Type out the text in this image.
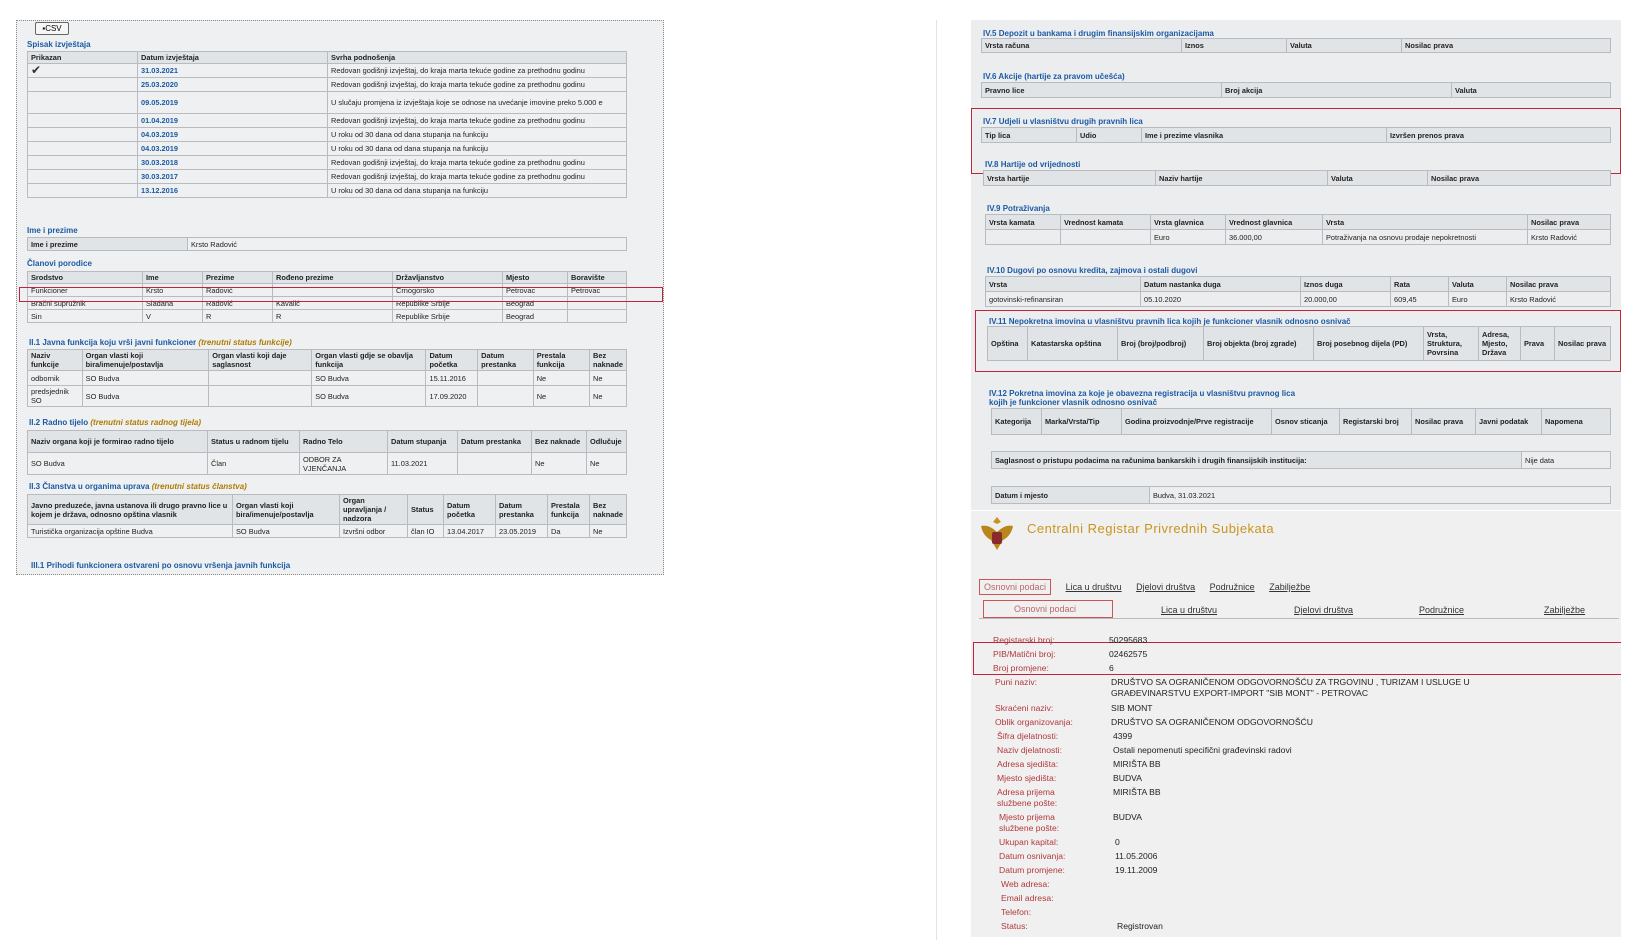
▪CSV
Spisak izvještaja
Prikazan	Datum izvještaja	Svrha podnošenja
✔	31.03.2021	Redovan godišnji izvještaj, do kraja marta tekuće godine za prethodnu godinu
	25.03.2020	Redovan godišnji izvještaj, do kraja marta tekuće godine za prethodnu godinu
	09.05.2019	U slučaju promjena iz izvještaja koje se odnose na uvećanje imovine preko 5.000 e
	01.04.2019	Redovan godišnji izvještaj, do kraja marta tekuće godine za prethodnu godinu
	04.03.2019	U roku od 30 dana od dana stupanja na funkciju
	04.03.2019	U roku od 30 dana od dana stupanja na funkciju
	30.03.2018	Redovan godišnji izvještaj, do kraja marta tekuće godine za prethodnu godinu
	30.03.2017	Redovan godišnji izvještaj, do kraja marta tekuće godine za prethodnu godinu
	13.12.2016	U roku od 30 dana od dana stupanja na funkciju
Ime i prezime
Ime i prezime	Krsto Radović
Članovi porodice
Srodstvo	Ime	Prezime	Rođeno prezime	Državljanstvo	Mjesto	Boravište
Funkcioner	Krsto	Radović		Crnogorsko	Petrovac	Petrovac
Bračni supružnik	Slađana	Radović	Kavalić	Republike Srbije	Beograd	
Sin	V	R	R	Republike Srbije	Beograd	
II.1 Javna funkcija koju vrši javni funkcioner (trenutni status funkcije)
Naziv funkcije	Organ vlasti koji bira/imenuje/postavlja	Organ vlasti koji daje saglasnost	Organ vlasti gdje se obavlja funkcija	Datum početka	Datum prestanka	Prestala funkcija	Bez naknade
odbornik	SO Budva		SO Budva	15.11.2016		Ne	Ne
predsjednik SO	SO Budva		SO Budva	17.09.2020		Ne	Ne
II.2 Radno tijelo (trenutni status radnog tijela)
Naziv organa koji je formirao radno tijelo	Status u radnom tijelu	Radno Telo	Datum stupanja	Datum prestanka	Bez naknade	Odlučuje
SO Budva	Član	ODBOR ZA VJENČANJA	11.03.2021		Ne	Ne
II.3 Članstva u organima uprava (trenutni status članstva)
Javno preduzeće, javna ustanova ili drugo pravno lice u kojem je država, odnosno opština vlasnik	Organ vlasti koji bira/imenuje/postavlja	Organ upravljanja / nadzora	Status	Datum početka	Datum prestanka	Prestala funkcija	Bez naknade
Turistička organizacija opštine Budva	SO Budva	Izvršni odbor	član IO	13.04.2017	23.05.2019	Da	Ne
III.1 Prihodi funkcionera ostvareni po osnovu vršenja javnih funkcija
IV.5 Depozit u bankama i drugim finansijskim organizacijama
Vrsta računa	Iznos	Valuta	Nosilac prava
IV.6 Akcije (hartije za pravom učešća)
Pravno lice	Broj akcija	Valuta
IV.7 Udjeli u vlasništvu drugih pravnih lica
Tip lica	Udio	Ime i prezime vlasnika	Izvršen prenos prava
IV.8 Hartije od vrijednosti
Vrsta hartije	Naziv hartije	Valuta	Nosilac prava
IV.9 Potraživanja
Vrsta kamata	Vrednost kamata	Vrsta glavnica	Vrednost glavnica	Vrsta	Nosilac prava
		Euro	36.000,00	Potraživanja na osnovu prodaje nepokretnosti	Krsto Radović
IV.10 Dugovi po osnovu kredita, zajmova i ostali dugovi
Vrsta	Datum nastanka duga	Iznos duga	Rata	Valuta	Nosilac prava
gotovinski-refinansiran	05.10.2020	20.000,00	609,45	Euro	Krsto Radović
IV.11 Nepokretna imovina u vlasništvu pravnih lica kojih je funkcioner vlasnik odnosno osnivač
Opština	Katastarska opština	Broj (broj/podbroj)	Broj objekta (broj zgrade)	Broj posebnog dijela (PD)	Vrsta, Struktura, Povrsina	Adresa, Mjesto, Država	Prava	Nosilac prava
IV.12 Pokretna imovina za koje je obavezna registracija u vlasništvu pravnog lica
kojih je funkcioner vlasnik odnosno osnivač
Kategorija	Marka/Vrsta/Tip	Godina proizvodnje/Prve registracije	Osnov sticanja	Registarski broj	Nosilac prava	Javni podatak	Napomena
Saglasnost o pristupu podacima na računima bankarskih i drugih finansijskih institucija:	Nije data
Datum i mjesto	Budva, 31.03.2021
Centralni Registar Privrednih Subjekata
Osnovni podaci Lica u društvu Djelovi društva Podružnice Zabilježbe
Osnovni podaci	Lica u društvu	Djelovi društva	Podružnice	Zabilježbe
Registarski broj:	50295683
PIB/Matični broj:	02462575
Broj promjene:	6
Puni naziv:	DRUŠTVO SA OGRANIČENOM ODGOVORNOŠĆU ZA TRGOVINU , TURIZAM I USLUGE U
GRAĐEVINARSTVU EXPORT-IMPORT "SIB MONT" - PETROVAC
Skraćeni naziv:	SIB MONT
Oblik organizovanja:	DRUŠTVO SA OGRANIČENOM ODGOVORNOŠĆU
Šifra djelatnosti:	4399
Naziv djelatnosti:	Ostali nepomenuti specifični građevinski radovi
Adresa sjedišta:	MIRIŠTA BB
Mjesto sjedišta:	BUDVA
Adresa prijema	MIRIŠTA BB
službene pošte:
Mjesto prijema	BUDVA
službene pošte:
Ukupan kapital:	0
Datum osnivanja:	11.05.2006
Datum promjene:	19.11.2009
Web adresa:
Email adresa:
Telefon:
Status:	Registrovan
